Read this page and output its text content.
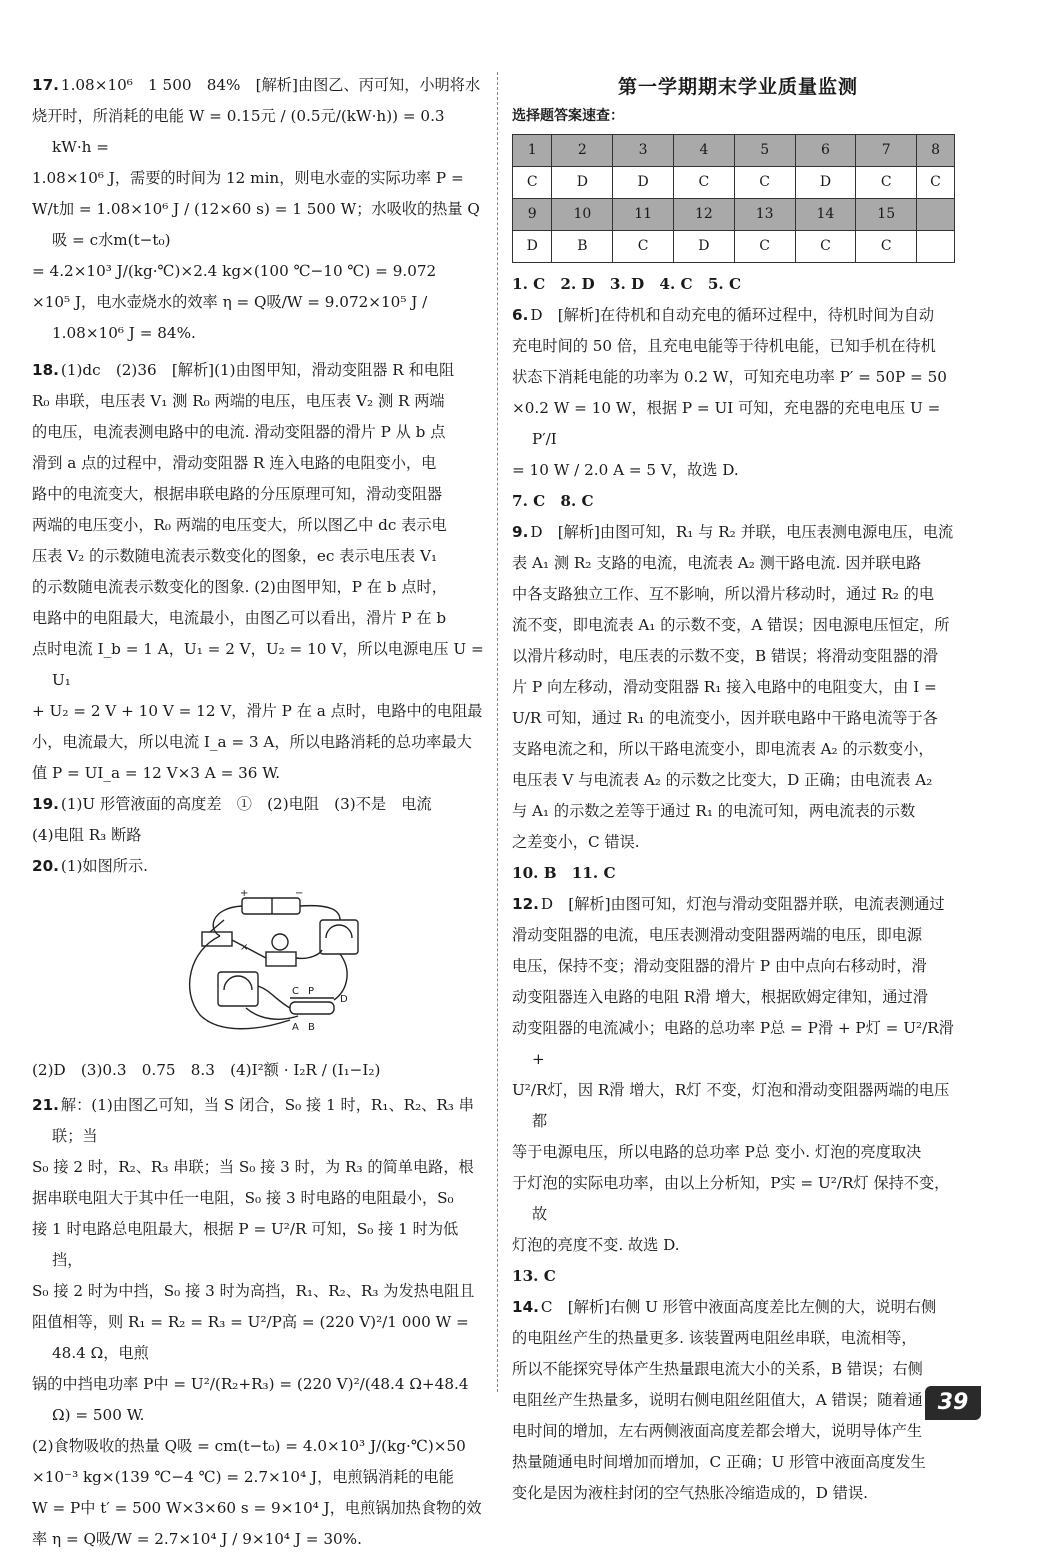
17. 1.08×10⁶　1 500　84%　[解析]由图乙、丙可知，小明将水
烧开时，所消耗的电能 W = 0.15元 / (0.5元/(kW·h)) = 0.3 kW·h =
1.08×10⁶ J，需要的时间为 12 min，则电水壶的实际功率 P =
W/t加 = 1.08×10⁶ J / (12×60 s) = 1 500 W；水吸收的热量 Q吸 = c水m(t−t₀)
= 4.2×10³ J/(kg·℃)×2.4 kg×(100 ℃−10 ℃) = 9.072
×10⁵ J，电水壶烧水的效率 η = Q吸/W = 9.072×10⁵ J / 1.08×10⁶ J = 84%.
18. (1)dc　(2)36　[解析](1)由图甲知，滑动变阻器 R 和电阻
R₀ 串联，电压表 V₁ 测 R₀ 两端的电压，电压表 V₂ 测 R 两端
的电压，电流表测电路中的电流. 滑动变阻器的滑片 P 从 b 点
滑到 a 点的过程中，滑动变阻器 R 连入电路的电阻变小，电
路中的电流变大，根据串联电路的分压原理可知，滑动变阻器
两端的电压变小，R₀ 两端的电压变大，所以图乙中 dc 表示电
压表 V₂ 的示数随电流表示数变化的图象，ec 表示电压表 V₁
的示数随电流表示数变化的图象. (2)由图甲知，P 在 b 点时，
电路中的电阻最大，电流最小，由图乙可以看出，滑片 P 在 b
点时电流 I_b = 1 A，U₁ = 2 V，U₂ = 10 V，所以电源电压 U = U₁
+ U₂ = 2 V + 10 V = 12 V，滑片 P 在 a 点时，电路中的电阻最
小，电流最大，所以电流 I_a = 3 A，所以电路消耗的总功率最大
值 P = UI_a = 12 V×3 A = 36 W.
19. (1)U 形管液面的高度差　①　(2)电阻　(3)不是　电流
(4)电阻 R₃ 断路
20. (1)如图所示.
+	−
C P
D
A B
×
(2)D　(3)0.3　0.75　8.3　(4)I²额 · I₂R / (I₁−I₂)
21. 解：(1)由图乙可知，当 S 闭合，S₀ 接 1 时，R₁、R₂、R₃ 串联；当
S₀ 接 2 时，R₂、R₃ 串联；当 S₀ 接 3 时，为 R₃ 的简单电路，根
据串联电阻大于其中任一电阻，S₀ 接 3 时电路的电阻最小，S₀
接 1 时电路总电阻最大，根据 P = U²/R 可知，S₀ 接 1 时为低挡，
S₀ 接 2 时为中挡，S₀ 接 3 时为高挡，R₁、R₂、R₃ 为发热电阻且
阻值相等，则 R₁ = R₂ = R₃ = U²/P高 = (220 V)²/1 000 W = 48.4 Ω，电煎
锅的中挡电功率 P中 = U²/(R₂+R₃) = (220 V)²/(48.4 Ω+48.4 Ω) = 500 W.
(2)食物吸收的热量 Q吸 = cm(t−t₀) = 4.0×10³ J/(kg·℃)×50
×10⁻³ kg×(139 ℃−4 ℃) = 2.7×10⁴ J，电煎锅消耗的电能
W = P中 t′ = 500 W×3×60 s = 9×10⁴ J，电煎锅加热食物的效
率 η = Q吸/W = 2.7×10⁴ J / 9×10⁴ J = 30%.
第一学期期末学业质量监测
选择题答案速查：
1	2	3	4	5	6	7	8
C	D	D	C	C	D	C	C
9	10	11	12	13	14	15	
D	B	C	D	C	C	C	
1. C　2. D　3. D　4. C　5. C
6. D　[解析]在待机和自动充电的循环过程中，待机时间为自动
充电时间的 50 倍，且充电电能等于待机电能，已知手机在待机
状态下消耗电能的功率为 0.2 W，可知充电功率 P′ = 50P = 50
×0.2 W = 10 W，根据 P = UI 可知，充电器的充电电压 U = P′/I
= 10 W / 2.0 A = 5 V，故选 D.
7. C　8. C
9. D　[解析]由图可知，R₁ 与 R₂ 并联，电压表测电源电压，电流
表 A₁ 测 R₂ 支路的电流，电流表 A₂ 测干路电流. 因并联电路
中各支路独立工作、互不影响，所以滑片移动时，通过 R₂ 的电
流不变，即电流表 A₁ 的示数不变，A 错误；因电源电压恒定，所
以滑片移动时，电压表的示数不变，B 错误；将滑动变阻器的滑
片 P 向左移动，滑动变阻器 R₁ 接入电路中的电阻变大，由 I =
U/R 可知，通过 R₁ 的电流变小，因并联电路中干路电流等于各
支路电流之和，所以干路电流变小，即电流表 A₂ 的示数变小，
电压表 V 与电流表 A₂ 的示数之比变大，D 正确；由电流表 A₂
与 A₁ 的示数之差等于通过 R₁ 的电流可知，两电流表的示数
之差变小，C 错误.
10. B　11. C
12. D　[解析]由图可知，灯泡与滑动变阻器并联，电流表测通过
滑动变阻器的电流，电压表测滑动变阻器两端的电压，即电源
电压，保持不变；滑动变阻器的滑片 P 由中点向右移动时，滑
动变阻器连入电路的电阻 R滑 增大，根据欧姆定律知，通过滑
动变阻器的电流减小；电路的总功率 P总 = P滑 + P灯 = U²/R滑 +
U²/R灯，因 R滑 增大，R灯 不变，灯泡和滑动变阻器两端的电压都
等于电源电压，所以电路的总功率 P总 变小. 灯泡的亮度取决
于灯泡的实际电功率，由以上分析知，P实 = U²/R灯 保持不变，故
灯泡的亮度不变. 故选 D.
13. C
14. C　[解析]右侧 U 形管中液面高度差比左侧的大，说明右侧
的电阻丝产生的热量更多. 该装置两电阻丝串联，电流相等，
所以不能探究导体产生热量跟电流大小的关系，B 错误；右侧
电阻丝产生热量多，说明右侧电阻丝阻值大，A 错误；随着通
电时间的增加，左右两侧液面高度差都会增大，说明导体产生
热量随通电时间增加而增加，C 正确；U 形管中液面高度发生
变化是因为液柱封闭的空气热胀冷缩造成的，D 错误.
39
